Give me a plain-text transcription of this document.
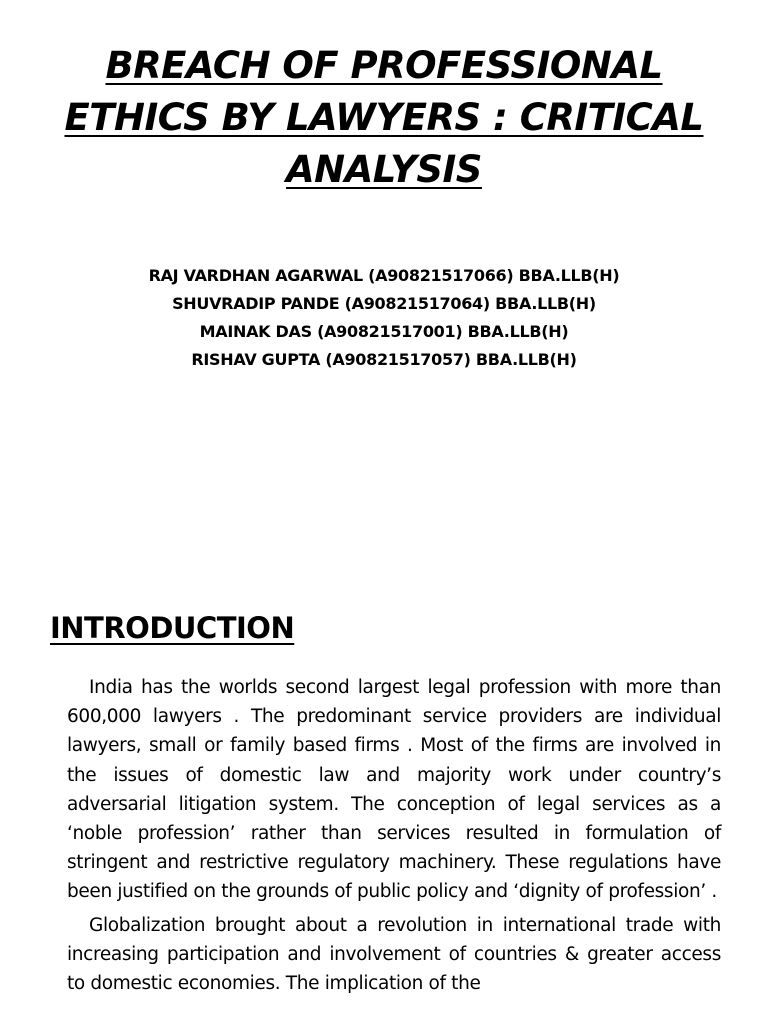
BREACH OF PROFESSIONAL
ETHICS BY LAWYERS : CRITICAL
ANALYSIS
RAJ VARDHAN AGARWAL (A90821517066) BBA.LLB(H)
SHUVRADIP PANDE (A90821517064) BBA.LLB(H)
MAINAK DAS (A90821517001) BBA.LLB(H)
RISHAV GUPTA (A90821517057) BBA.LLB(H)
INTRODUCTION

India has the worlds second largest legal profession with more than 600,000 lawyers . The predominant service providers are individual lawyers, small or family based firms . Most of the firms are involved in the issues of domestic law and majority work under country’s adversarial litigation system. The conception of legal services as a ‘noble profession’ rather than services resulted in formulation of stringent and restrictive regulatory machinery. These regulations have been justified on the grounds of public policy and ‘dignity of profession’ .

Globalization brought about a revolution in international trade with increasing participation and involvement of countries & greater access to domestic economies. The implication of the
